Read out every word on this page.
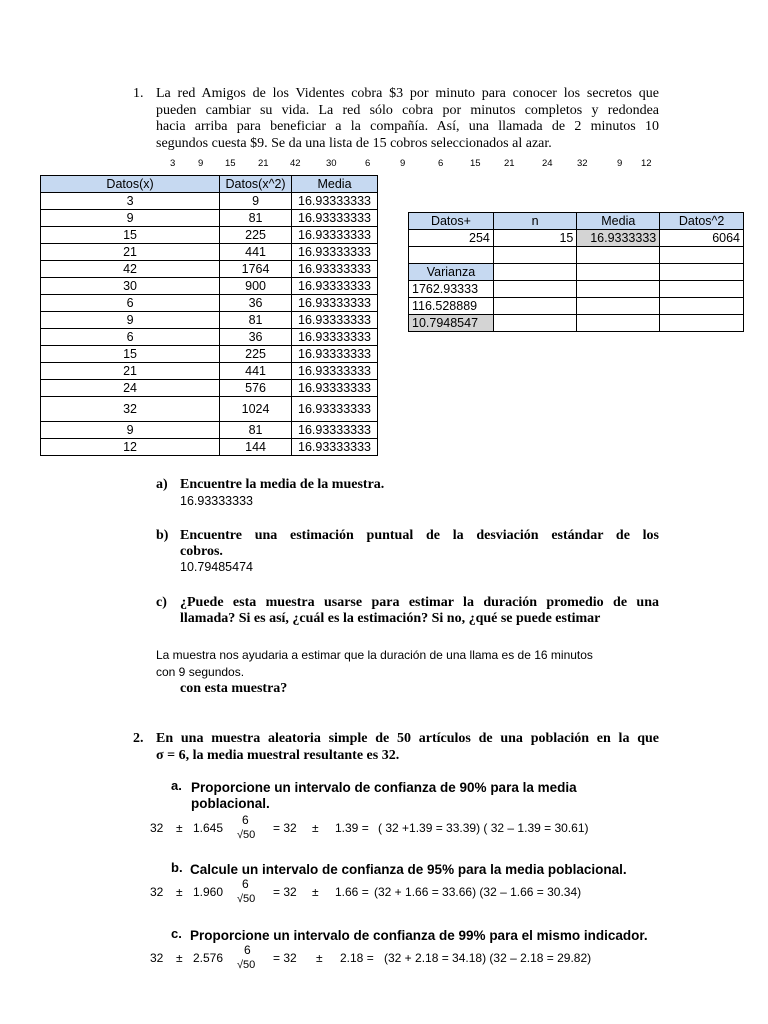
1. La red Amigos de los Videntes cobra $3 por minuto para conocer los secretos que
pueden cambiar su vida. La red sólo cobra por minutos completos y redondea
hacia arriba para beneficiar a la compañía. Así, una llamada de 2 minutos 10
segundos cuesta $9. Se da una lista de 15 cobros seleccionados al azar.
3 9 15 21 42	30	6	9	6	15 21	24	32	9 12
Datos(x)	Datos(x^2)	Media
3	9	16.93333333
9	81	16.93333333
15	225	16.93333333
21	441	16.93333333
42	1764	16.93333333
30	900	16.93333333
6	36	16.93333333
9	81	16.93333333
6	36	16.93333333
15	225	16.93333333
21	441	16.93333333
24	576	16.93333333
32	1024	16.93333333
9	81	16.93333333
12	144	16.93333333
Datos+	n	Media	Datos^2
254	15	16.9333333	6064

Varianza			
1762.93333			
116.528889			
10.7948547			
a) Encuentre la media de la muestra.
16.93333333
b) Encuentre una estimación puntual de la desviación estándar de los
cobros.
10.79485474
c) ¿Puede esta muestra usarse para estimar la duración promedio de una
llamada? Si es así, ¿cuál es la estimación? Si no, ¿qué se puede estimar
La muestra nos ayudaria a estimar que la duración de una llama es de 16 minutos
con 9 segundos.
con esta muestra?
2. En una muestra aleatoria simple de 50 artículos de una población en la que
σ = 6, la media muestral resultante es 32.
a. Proporcione un intervalo de confianza de 90% para la media
poblacional.
32 ± 1.645
6
√50 = 32 ± 1.39 = ( 32 +1.39 = 33.39) ( 32 – 1.39 = 30.61)
b. Calcule un intervalo de confianza de 95% para la media poblacional.
32 ± 1.960
6
√50 = 32 ± 1.66 = (32 + 1.66 = 33.66) (32 – 1.66 = 30.34)
c. Proporcione un intervalo de confianza de 99% para el mismo indicador.
32 ± 2.576
6
√50 = 32 ± 2.18 = (32 + 2.18 = 34.18) (32 – 2.18 = 29.82)
